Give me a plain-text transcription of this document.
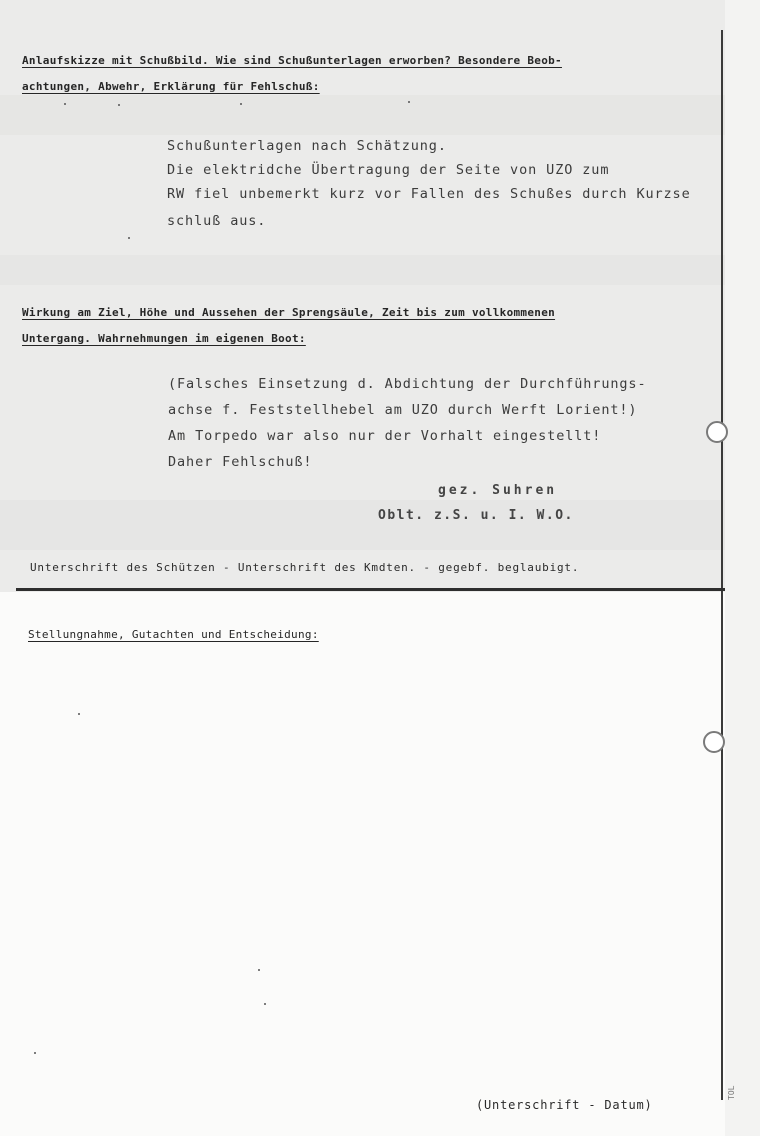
Anlaufskizze mit Schußbild. Wie sind Schußunterlagen erworben? Besondere Beob-
achtungen, Abwehr, Erklärung für Fehlschuß:
Schußunterlagen nach Schätzung.
Die elektridche Übertragung der Seite von UZO zum
RW fiel unbemerkt kurz vor Fallen des Schußes durch Kurzse
schluß aus.
Wirkung am Ziel, Höhe und Aussehen der Sprengsäule, Zeit bis zum vollkommenen
Untergang. Wahrnehmungen im eigenen Boot:
(Falsches Einsetzung d. Abdichtung der Durchführungs-
achse f. Feststellhebel am UZO durch Werft Lorient!)
Am Torpedo war also nur der Vorhalt eingestellt!
Daher Fehlschuß!
gez. Suhren
Oblt. z.S. u. I. W.O.
Unterschrift des Schützen - Unterschrift des Kmdten. - gegebf. beglaubigt.
Stellungnahme, Gutachten und Entscheidung:
(Unterschrift - Datum)
TOL
